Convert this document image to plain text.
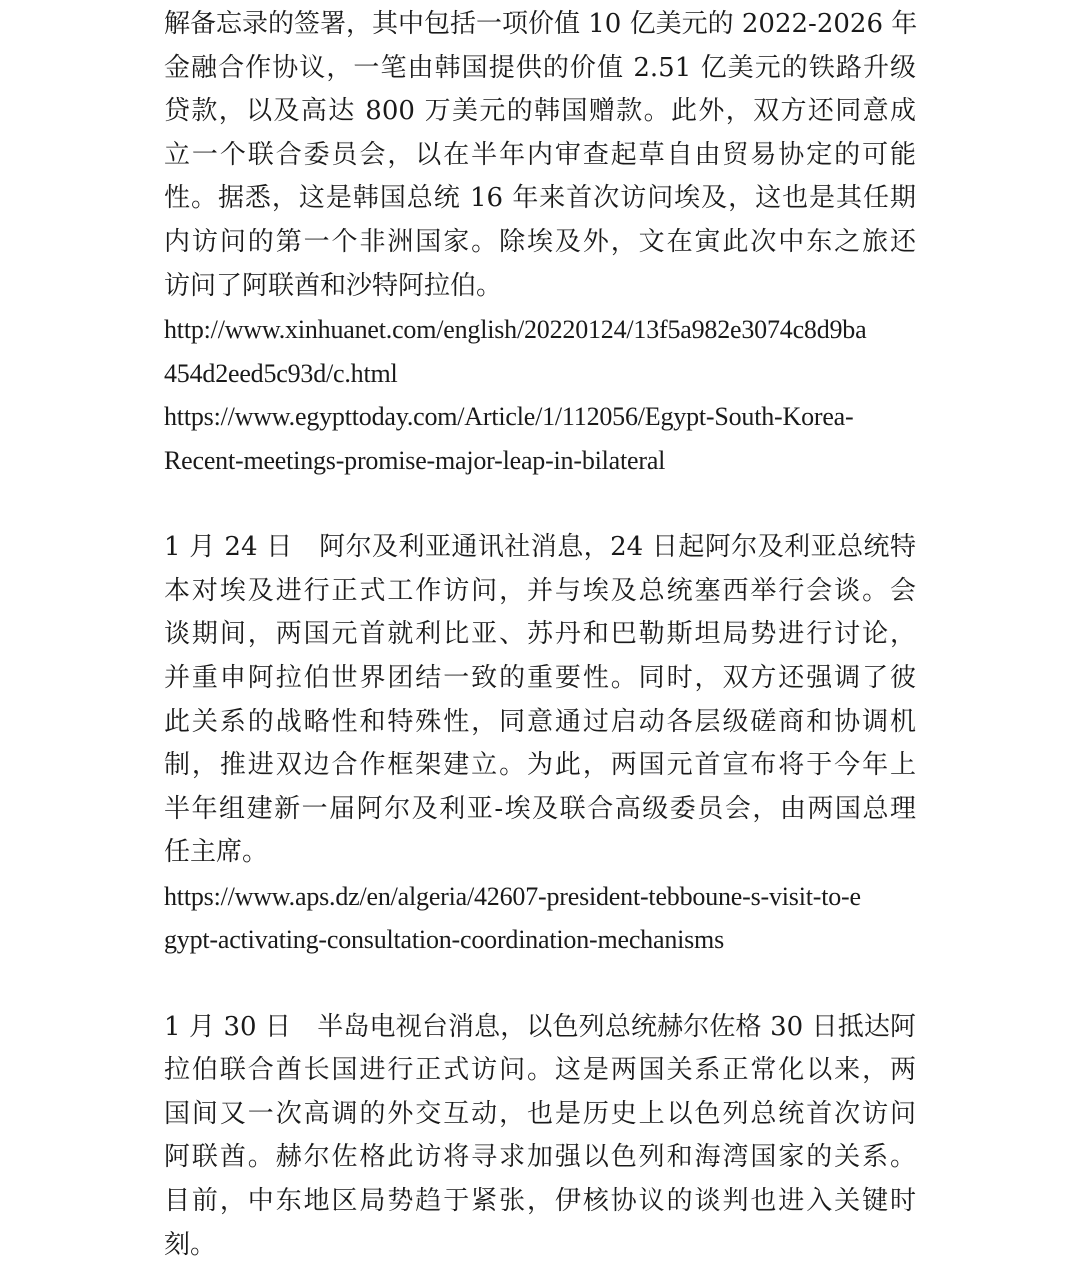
解备忘录的签署，其中包括一项价值 10 亿美元的 2022-2026 年
金融合作协议，一笔由韩国提供的价值 2.51 亿美元的铁路升级
贷款，以及高达 800 万美元的韩国赠款。此外，双方还同意成
立一个联合委员会，以在半年内审查起草自由贸易协定的可能
性。据悉，这是韩国总统 16 年来首次访问埃及，这也是其任期
内访问的第一个非洲国家。除埃及外，文在寅此次中东之旅还
访问了阿联酋和沙特阿拉伯。
http://www.xinhuanet.com/english/20220124/13f5a982e3074c8d9ba
454d2eed5c93d/c.html
https://www.egypttoday.com/Article/1/112056/Egypt-South-Korea-
Recent-meetings-promise-major-leap-in-bilateral
1 月 24 日　阿尔及利亚通讯社消息，24 日起阿尔及利亚总统特
本对埃及进行正式工作访问，并与埃及总统塞西举行会谈。会
谈期间，两国元首就利比亚、苏丹和巴勒斯坦局势进行讨论，
并重申阿拉伯世界团结一致的重要性。同时，双方还强调了彼
此关系的战略性和特殊性，同意通过启动各层级磋商和协调机
制，推进双边合作框架建立。为此，两国元首宣布将于今年上
半年组建新一届阿尔及利亚-埃及联合高级委员会，由两国总理
任主席。
https://www.aps.dz/en/algeria/42607-president-tebboune-s-visit-to-e
gypt-activating-consultation-coordination-mechanisms
1 月 30 日　半岛电视台消息，以色列总统赫尔佐格 30 日抵达阿
拉伯联合酋长国进行正式访问。这是两国关系正常化以来，两
国间又一次高调的外交互动，也是历史上以色列总统首次访问
阿联酋。赫尔佐格此访将寻求加强以色列和海湾国家的关系。
目前，中东地区局势趋于紧张，伊核协议的谈判也进入关键时
刻。
